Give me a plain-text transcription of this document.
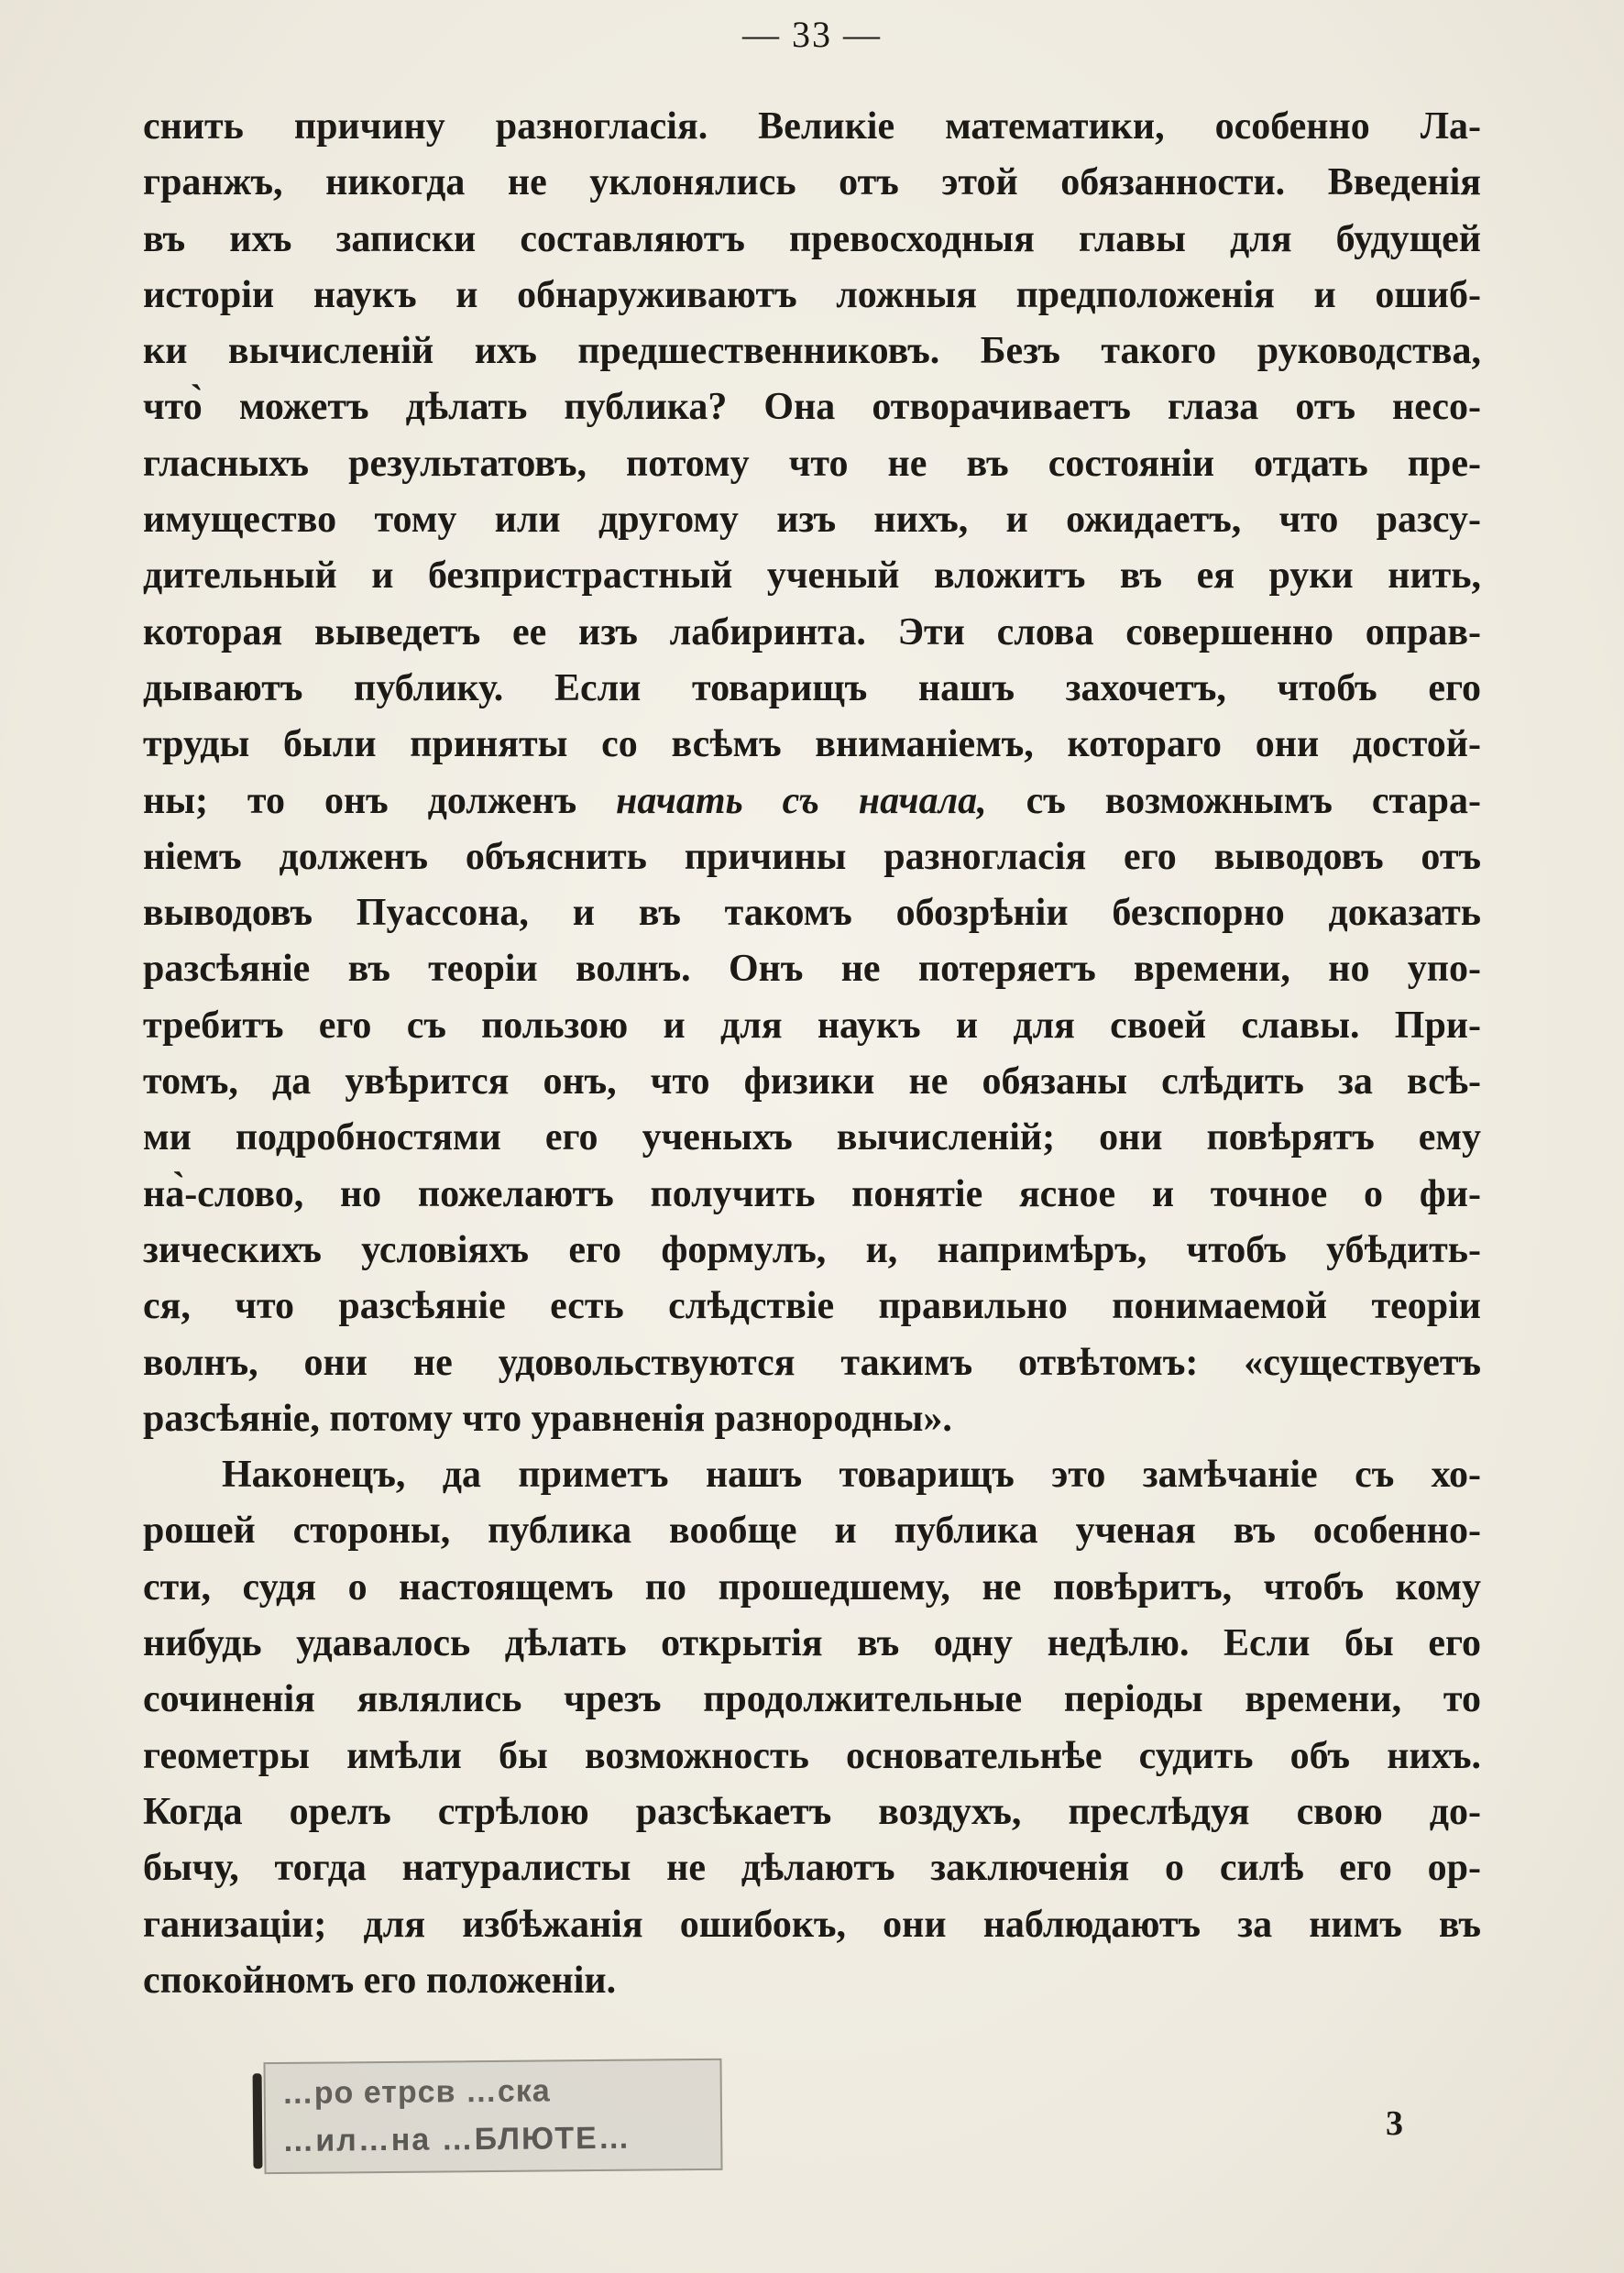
— 33 —

снить причину разногласія. Великіе математики, особенно Ла-

гранжъ, никогда не уклонялись отъ этой обязанности. Введенія

въ ихъ записки составляютъ превосходныя главы для будущей

исторіи наукъ и обнаруживаютъ ложныя предположенія и ошиб-

ки вычисленій ихъ предшественниковъ. Безъ такого руководства,

что̀ можетъ дѣлать публика? Она отворачиваетъ глаза отъ несо-

гласныхъ результатовъ, потому что не въ состояніи отдать пре-

имущество тому или другому изъ нихъ, и ожидаетъ, что разсу-

дительный и безпристрастный ученый вложитъ въ ея руки нить,

которая выведетъ ее изъ лабиринта. Эти слова совершенно оправ-

дываютъ публику. Если товарищъ нашъ захочетъ, чтобъ его

труды были приняты со всѣмъ вниманіемъ, котораго они достой-

ны; то онъ долженъ начать съ начала, съ возможнымъ стара-

ніемъ долженъ объяснить причины разногласія его выводовъ отъ

выводовъ Пуассона, и въ такомъ обозрѣніи безспорно доказать

разсѣяніе въ теоріи волнъ. Онъ не потеряетъ времени, но упо-

требитъ его съ пользою и для наукъ и для своей славы. При-

томъ, да увѣрится онъ, что физики не обязаны слѣдить за всѣ-

ми подробностями его ученыхъ вычисленій; они повѣрятъ ему

на̀-слово, но пожелаютъ получить понятіе ясное и точное о фи-

зическихъ условіяхъ его формулъ, и, напримѣръ, чтобъ убѣдить-

ся, что разсѣяніе есть слѣдствіе правильно понимаемой теоріи

волнъ, они не удовольствуются такимъ отвѣтомъ: «существуетъ

разсѣяніе, потому что уравненія разнородны».

Наконецъ, да приметъ нашъ товарищъ это замѣчаніе съ хо-

рошей стороны, публика вообще и публика ученая въ особенно-

сти, судя о настоящемъ по прошедшему, не повѣритъ, чтобъ кому

нибудь удавалось дѣлать открытія въ одну недѣлю. Если бы его

сочиненія являлись чрезъ продолжительные періоды времени, то

геометры имѣли бы возможность основательнѣе судить объ нихъ.

Когда орелъ стрѣлою разсѣкаетъ воздухъ, преслѣдуя свою до-

бычу, тогда натуралисты не дѣлаютъ заключенія о силѣ его ор-

ганизаціи; для избѣжанія ошибокъ, они наблюдаютъ за нимъ въ

спокойномъ его положеніи.

…ро етрсв …ска
…ил…на …БЛЮТЕ…	3
